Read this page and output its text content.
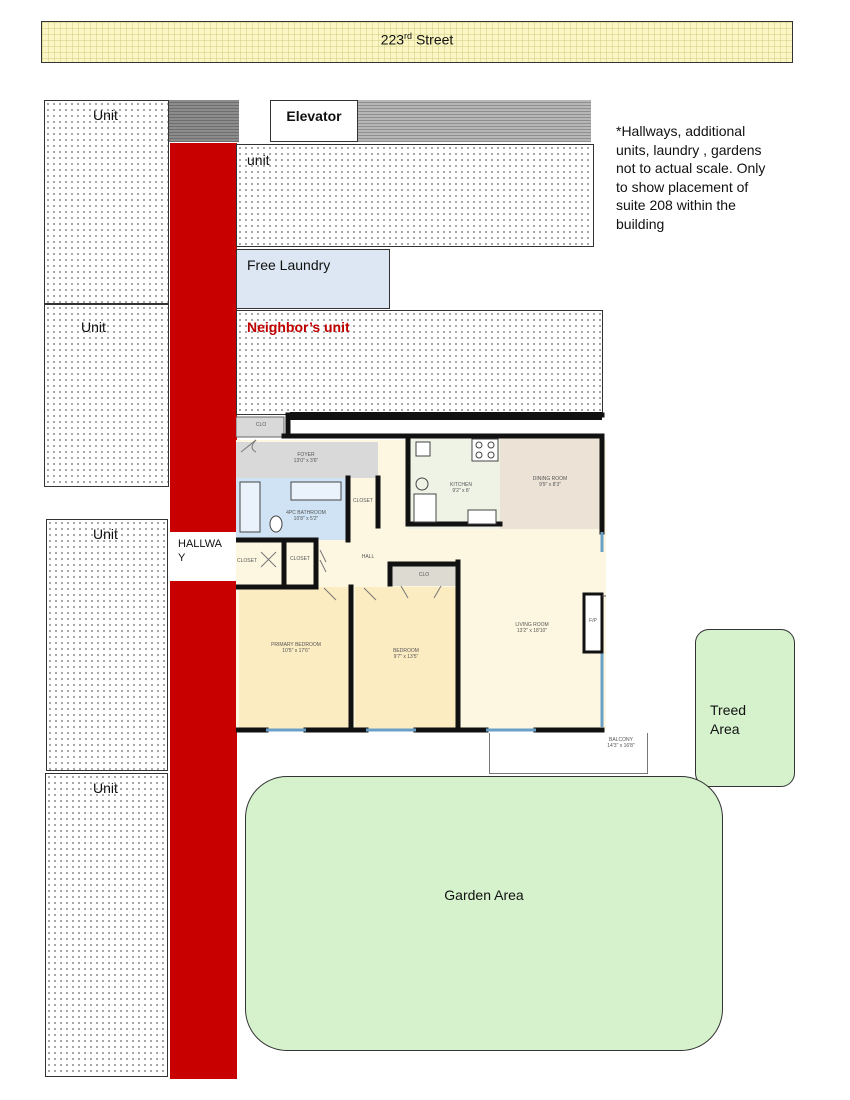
223rd Street
Unit
Unit
Unit
Unit
HALLWA
Y
Elevator
unit
Free Laundry
Neighbor’s unit
*Hallways, additional units, laundry , gardens not to actual scale. Only to show placement of suite 208 within the building
CLO
FOYER
13'0" x 3'6"
CLOSET
4PC BATHROOM
10'8" x 5'2"
CLOSET	CLOSET	HALL
CLO
KITCHEN
9'2" x 8'
DINING ROOM
9'9" x 8'3"
LIVING ROOM
13'2" x 18'10"
F/P
PRIMARY BEDROOM
10'5" x 17'6"	BEDROOM
9'7" x 13'5"
BALCONY
14'3" x 16'8"
Treed
Area
Garden Area
